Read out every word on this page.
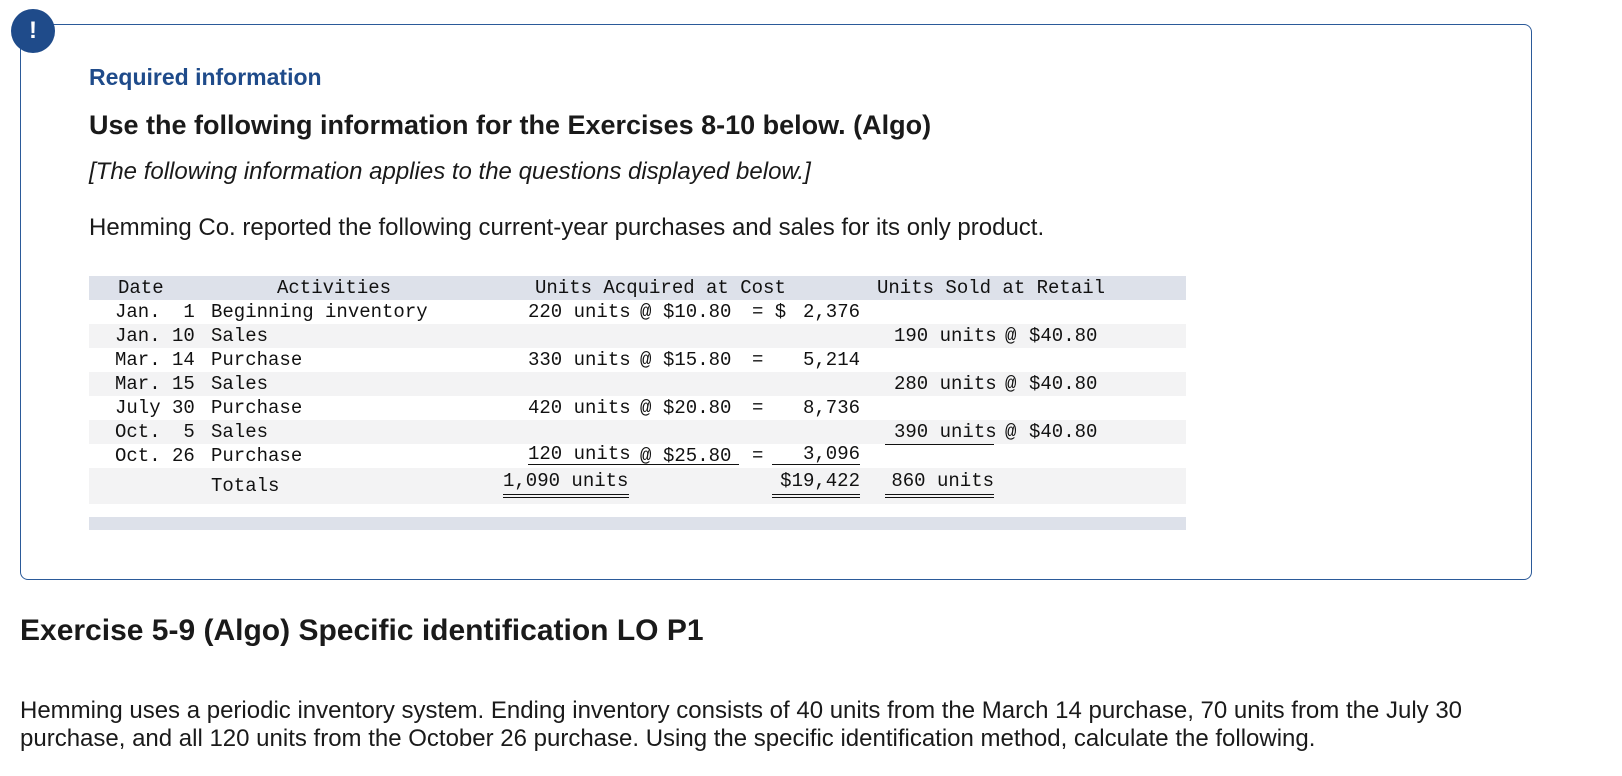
!
Required information
Use the following information for the Exercises 8-10 below. (Algo)
[The following information applies to the questions displayed below.]
Hemming Co. reported the following current-year purchases and sales for its only product.
Date	Activities	Units Acquired at Cost	Units Sold at Retail
Jan.  1 Beginning inventory	220 units @ $10.80 = $ 2,376
Jan. 10 Sales	190 units @ $40.80
Mar. 14 Purchase	330 units @ $15.80 = 5,214
Mar. 15 Sales	280 units @ $40.80
July 30 Purchase	420 units @ $20.80 = 8,736
Oct.  5 Sales	390 units @ $40.80
Oct. 26 Purchase	120 units @ $25.80 =	3,096
Totals	1,090 units	$19,422	860 units
Exercise 5-9 (Algo) Specific identification LO P1
Hemming uses a periodic inventory system. Ending inventory consists of 40 units from the March 14 purchase, 70 units from the July 30 purchase, and all 120 units from the October 26 purchase. Using the specific identification method, calculate the following.
